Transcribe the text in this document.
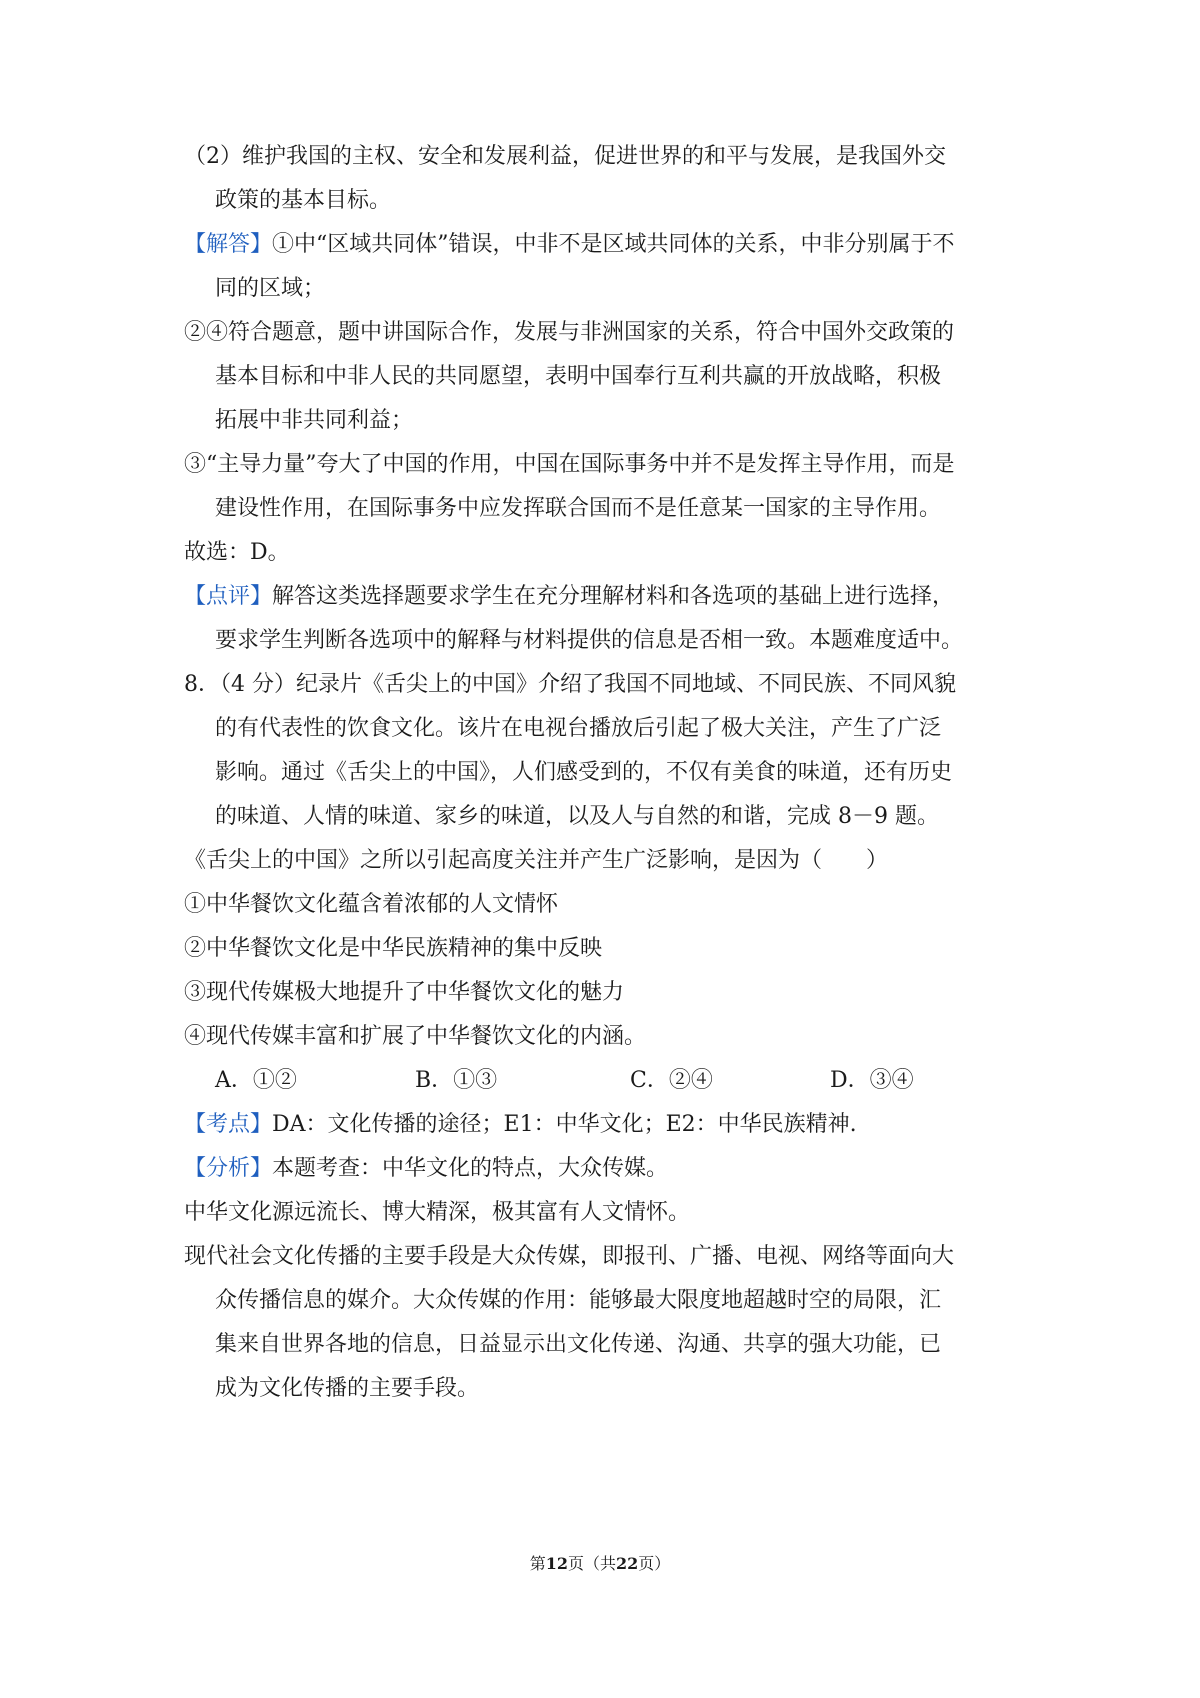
（2）维护我国的主权、安全和发展利益，促进世界的和平与发展，是我国外交
政策的基本目标。
【解答】①中“区域共同体”错误，中非不是区域共同体的关系，中非分别属于不
同的区域；
②④符合题意，题中讲国际合作，发展与非洲国家的关系，符合中国外交政策的
基本目标和中非人民的共同愿望，表明中国奉行互利共赢的开放战略，积极
拓展中非共同利益；
③“主导力量”夸大了中国的作用，中国在国际事务中并不是发挥主导作用，而是
建设性作用，在国际事务中应发挥联合国而不是任意某一国家的主导作用。
故选：D。
【点评】解答这类选择题要求学生在充分理解材料和各选项的基础上进行选择，
要求学生判断各选项中的解释与材料提供的信息是否相一致。本题难度适中。
8．（4 分）纪录片《舌尖上的中国》介绍了我国不同地域、不同民族、不同风貌
的有代表性的饮食文化。该片在电视台播放后引起了极大关注，产生了广泛
影响。通过《舌尖上的中国》，人们感受到的，不仅有美食的味道，还有历史
的味道、人情的味道、家乡的味道，以及人与自然的和谐，完成 8－9 题。
《舌尖上的中国》之所以引起高度关注并产生广泛影响，是因为（　　）
①中华餐饮文化蕴含着浓郁的人文情怀
②中华餐饮文化是中华民族精神的集中反映
③现代传媒极大地提升了中华餐饮文化的魅力
④现代传媒丰富和扩展了中华餐饮文化的内涵。
A．①②	B．①③	C．②④	D．③④
【考点】DA：文化传播的途径；E1：中华文化；E2：中华民族精神.
【分析】本题考查：中华文化的特点，大众传媒。
中华文化源远流长、博大精深，极其富有人文情怀。
现代社会文化传播的主要手段是大众传媒，即报刊、广播、电视、网络等面向大
众传播信息的媒介。大众传媒的作用：能够最大限度地超越时空的局限，汇
集来自世界各地的信息，日益显示出文化传递、沟通、共享的强大功能，已
成为文化传播的主要手段。
第12页（共22页）
